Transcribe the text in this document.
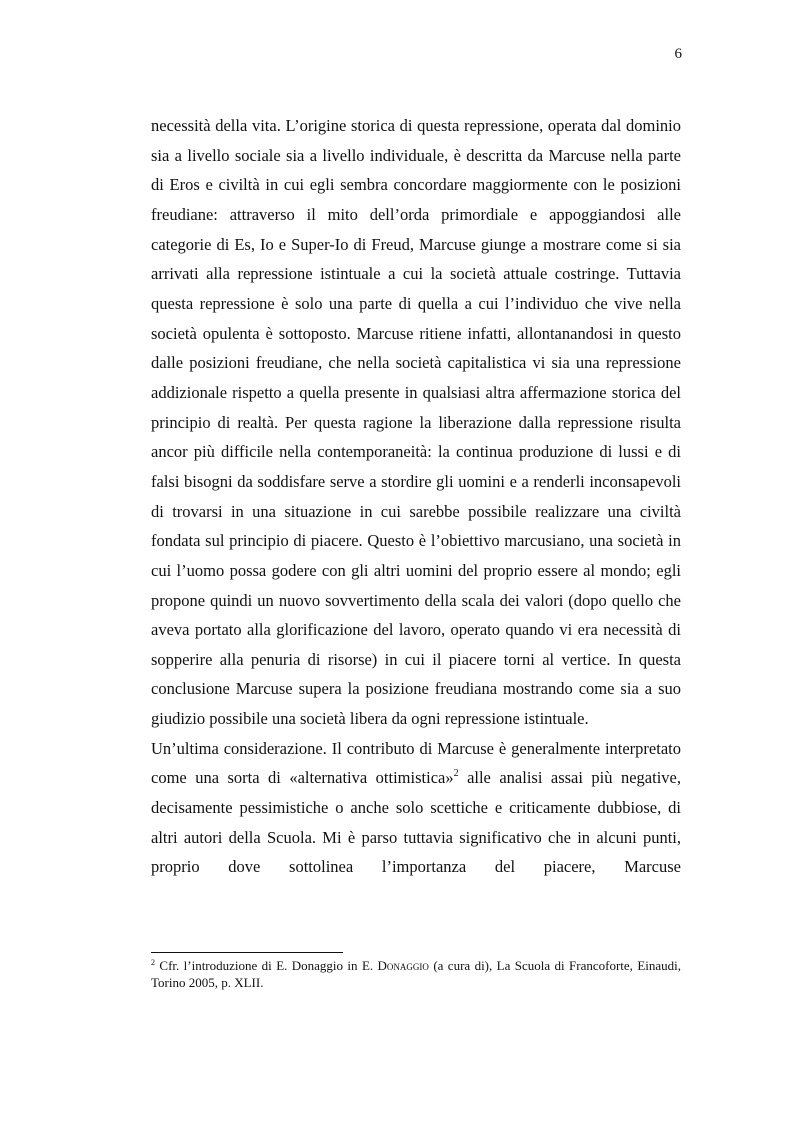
6

necessità della vita. L’origine storica di questa repressione, operata dal dominio sia a livello sociale sia a livello individuale, è descritta da Marcuse nella parte di Eros e civiltà in cui egli sembra concordare maggiormente con le posizioni freudiane: attraverso il mito dell’orda primordiale e appoggiandosi alle categorie di Es, Io e Super-Io di Freud, Marcuse giunge a mostrare come si sia arrivati alla repressione istintuale a cui la società attuale costringe. Tuttavia questa repressione è solo una parte di quella a cui l’individuo che vive nella società opulenta è sottoposto. Marcuse ritiene infatti, allontanandosi in questo dalle posizioni freudiane, che nella società capitalistica vi sia una repressione addizionale rispetto a quella presente in qualsiasi altra affermazione storica del principio di realtà. Per questa ragione la liberazione dalla repressione risulta ancor più difficile nella contemporaneità: la continua produzione di lussi e di falsi bisogni da soddisfare serve a stordire gli uomini e a renderli inconsapevoli di trovarsi in una situazione in cui sarebbe possibile realizzare una civiltà fondata sul principio di piacere. Questo è l’obiettivo marcusiano, una società in cui l’uomo possa godere con gli altri uomini del proprio essere al mondo; egli propone quindi un nuovo sovvertimento della scala dei valori (dopo quello che aveva portato alla glorificazione del lavoro, operato quando vi era necessità di sopperire alla penuria di risorse) in cui il piacere torni al vertice. In questa conclusione Marcuse supera la posizione freudiana mostrando come sia a suo giudizio possibile una società libera da ogni repressione istintuale.

Un’ultima considerazione. Il contributo di Marcuse è generalmente interpretato come una sorta di «alternativa ottimistica»$^2$ alle analisi assai più negative, decisamente pessimistiche o anche solo scettiche e criticamente dubbiose, di altri autori della Scuola. Mi è parso tuttavia significativo che in alcuni punti, proprio dove sottolinea l’importanza del piacere, Marcuse

$^2$ Cfr. l’introduzione di E. Donaggio in E. Donaggio (a cura di), La Scuola di Francoforte, Einaudi, Torino 2005, p. XLII.
